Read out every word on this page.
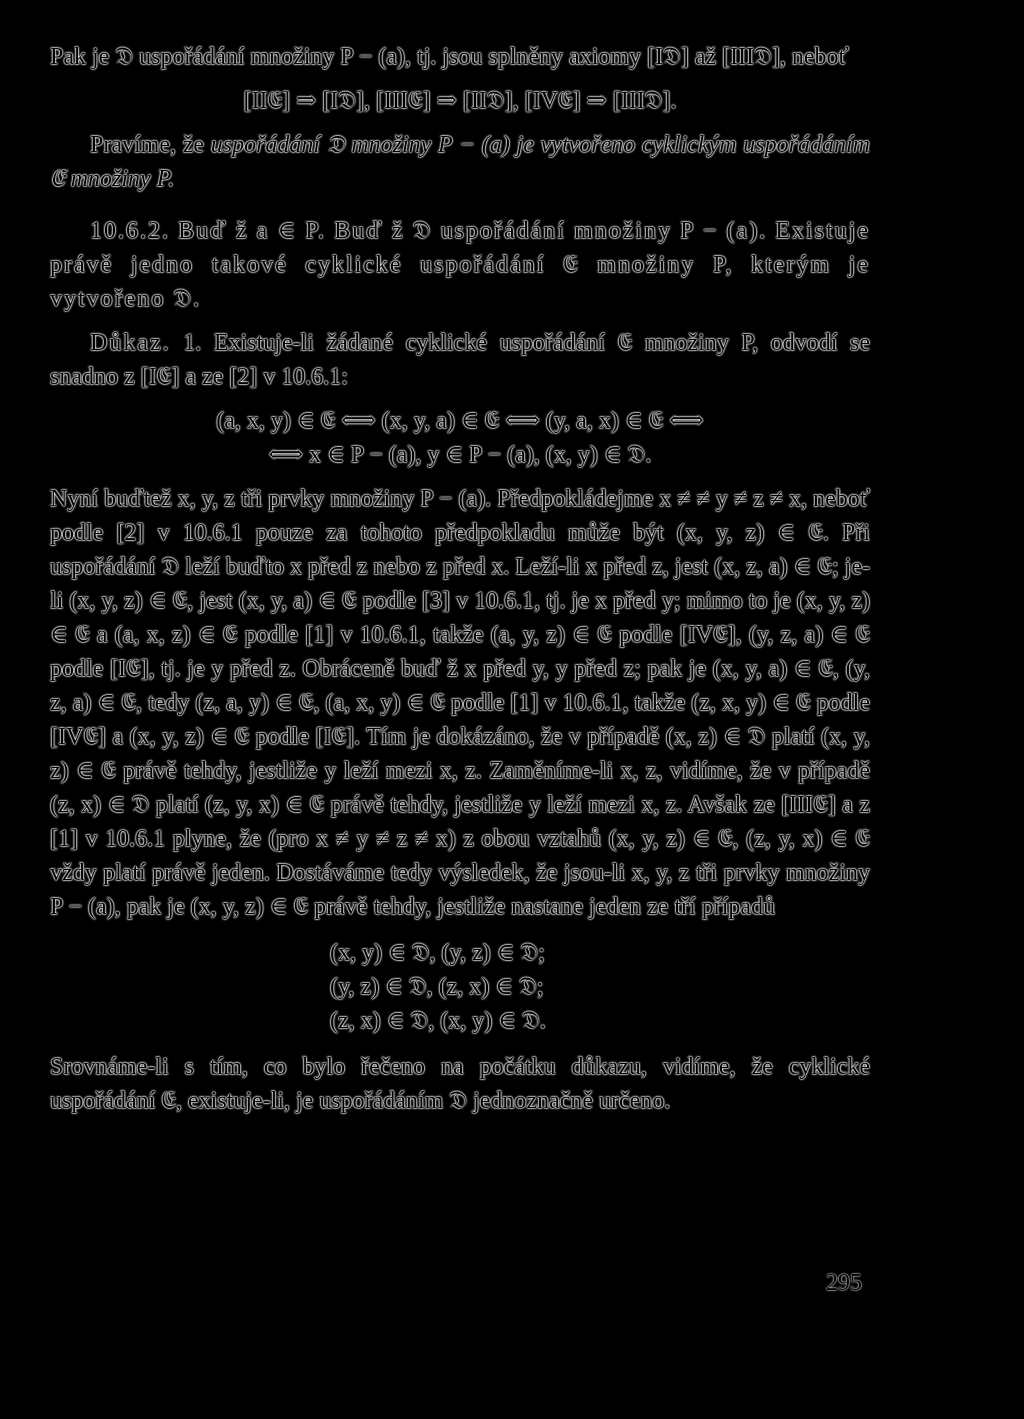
Pak je 𝔇 uspořádání množiny P − (a), tj. jsou splněny axiomy [I𝔇] až [III𝔇], neboť

[II𝔈] ⇒ [I𝔇], [III𝔈] ⇒ [II𝔇], [IV𝔈] ⇒ [III𝔇].

Pravíme, že uspořádání 𝔇 množiny P − (a) je vytvořeno cyklickým uspořádáním 𝔈 množiny P.

10.6.2. Buď ž a ∈ P. Buď ž 𝔇 uspořádání množiny P − (a). Existuje právě jedno takové cyklické uspořádání 𝔈 množiny P, kterým je vytvořeno 𝔇.

Důkaz. 1. Existuje-li žádané cyklické uspořádání 𝔈 množiny P, odvodí se snadno z [I𝔈] a ze [2] v 10.6.1:

(a, x, y) ∈ 𝔈 ⟺ (x, y, a) ∈ 𝔈 ⟺ (y, a, x) ∈ 𝔈 ⟺

⟺ x ∈ P − (a), y ∈ P − (a), (x, y) ∈ 𝔇.

Nyní buďtež x, y, z tři prvky množiny P − (a). Předpokládejme x ≠ ≠ y ≠ z ≠ x, neboť podle [2] v 10.6.1 pouze za tohoto předpokladu může být (x, y, z) ∈ 𝔈. Při uspořádání 𝔇 leží buďto x před z nebo z před x. Leží-li x před z, jest (x, z, a) ∈ 𝔈; je-li (x, y, z) ∈ 𝔈, jest (x, y, a) ∈ 𝔈 podle [3] v 10.6.1, tj. je x před y; mimo to je (x, y, z) ∈ 𝔈 a (a, x, z) ∈ 𝔈 podle [1] v 10.6.1, takže (a, y, z) ∈ 𝔈 podle [IV𝔈], (y, z, a) ∈ 𝔈 podle [I𝔈], tj. je y před z. Obráceně buď ž x před y, y před z; pak je (x, y, a) ∈ 𝔈, (y, z, a) ∈ 𝔈, tedy (z, a, y) ∈ 𝔈, (a, x, y) ∈ 𝔈 podle [1] v 10.6.1, takže (z, x, y) ∈ 𝔈 podle [IV𝔈] a (x, y, z) ∈ 𝔈 podle [I𝔈]. Tím je dokázáno, že v případě (x, z) ∈ 𝔇 platí (x, y, z) ∈ 𝔈 právě tehdy, jestliže y leží mezi x, z. Zaměníme-li x, z, vidíme, že v případě (z, x) ∈ 𝔇 platí (z, y, x) ∈ 𝔈 právě tehdy, jestliže y leží mezi x, z. Avšak ze [III𝔈] a z [1] v 10.6.1 plyne, že (pro x ≠ y ≠ z ≠ x) z obou vztahů (x, y, z) ∈ 𝔈, (z, y, x) ∈ 𝔈 vždy platí právě jeden. Dostáváme tedy výsledek, že jsou-li x, y, z tři prvky množiny P − (a), pak je (x, y, z) ∈ 𝔈 právě tehdy, jestliže nastane jeden ze tří případů

(x, y) ∈ 𝔇, (y, z) ∈ 𝔇;
(y, z) ∈ 𝔇, (z, x) ∈ 𝔇;
(z, x) ∈ 𝔇, (x, y) ∈ 𝔇.

Srovnáme-li s tím, co bylo řečeno na počátku důkazu, vidíme, že cyklické uspořádání 𝔈, existuje-li, je uspořádáním 𝔇 jednoznačně určeno.

295
